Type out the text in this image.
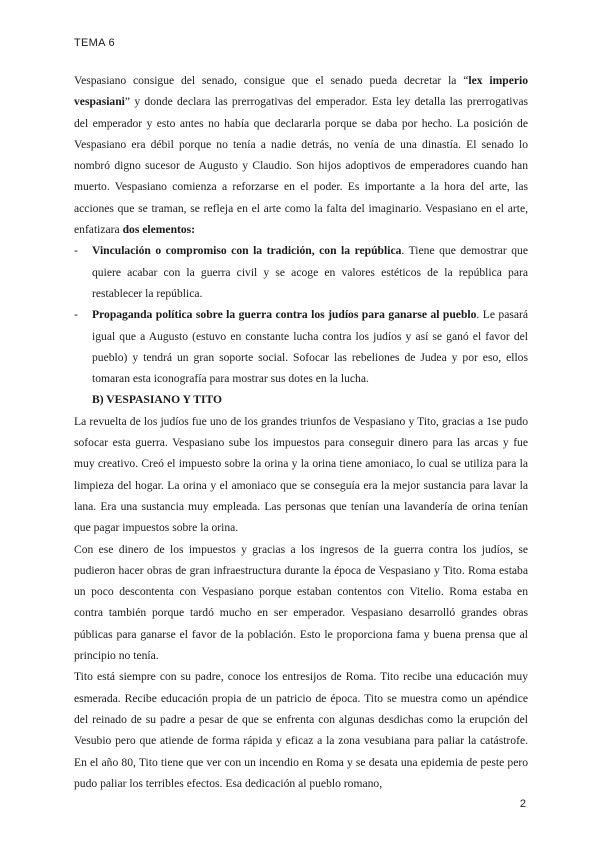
TEMA 6

Vespasiano consigue del senado, consigue que el senado pueda decretar la “lex imperio vespasiani” y donde declara las prerrogativas del emperador. Esta ley detalla las prerrogativas del emperador y esto antes no había que declararla porque se daba por hecho. La posición de Vespasiano era débil porque no tenía a nadie detrás, no venía de una dinastía. El senado lo nombró digno sucesor de Augusto y Claudio. Son hijos adoptivos de emperadores cuando han muerto. Vespasiano comienza a reforzarse en el poder. Es importante a la hora del arte, las acciones que se traman, se refleja en el arte como la falta del imaginario. Vespasiano en el arte, enfatizara dos elementos:

- Vinculación o compromiso con la tradición, con la república. Tiene que demostrar que quiere acabar con la guerra civil y se acoge en valores estéticos de la república para restablecer la república.
- Propaganda política sobre la guerra contra los judíos para ganarse al pueblo. Le pasará igual que a Augusto (estuvo en constante lucha contra los judíos y así se ganó el favor del pueblo) y tendrá un gran soporte social. Sofocar las rebeliones de Judea y por eso, ellos tomaran esta iconografía para mostrar sus dotes en la lucha.

B) VESPASIANO Y TITO

La revuelta de los judíos fue uno de los grandes triunfos de Vespasiano y Tito, gracias a 1se pudo sofocar esta guerra. Vespasiano sube los impuestos para conseguir dinero para las arcas y fue muy creativo. Creó el impuesto sobre la orina y la orina tiene amoniaco, lo cual se utiliza para la limpieza del hogar. La orina y el amoniaco que se conseguía era la mejor sustancia para lavar la lana. Era una sustancia muy empleada. Las personas que tenían una lavandería de orina tenían que pagar impuestos sobre la orina.

Con ese dinero de los impuestos y gracias a los ingresos de la guerra contra los judíos, se pudieron hacer obras de gran infraestructura durante la época de Vespasiano y Tito. Roma estaba un poco descontenta con Vespasiano porque estaban contentos con Vitelio. Roma estaba en contra también porque tardó mucho en ser emperador. Vespasiano desarrolló grandes obras públicas para ganarse el favor de la población. Esto le proporciona fama y buena prensa que al principio no tenía.

Tito está siempre con su padre, conoce los entresijos de Roma. Tito recibe una educación muy esmerada. Recibe educación propia de un patricio de época. Tito se muestra como un apéndice del reinado de su padre a pesar de que se enfrenta con algunas desdichas como la erupción del Vesubio pero que atiende de forma rápida y eficaz a la zona vesubiana para paliar la catástrofe. En el año 80, Tito tiene que ver con un incendio en Roma y se desata una epidemia de peste pero pudo paliar los terribles efectos. Esa dedicación al pueblo romano,

2
